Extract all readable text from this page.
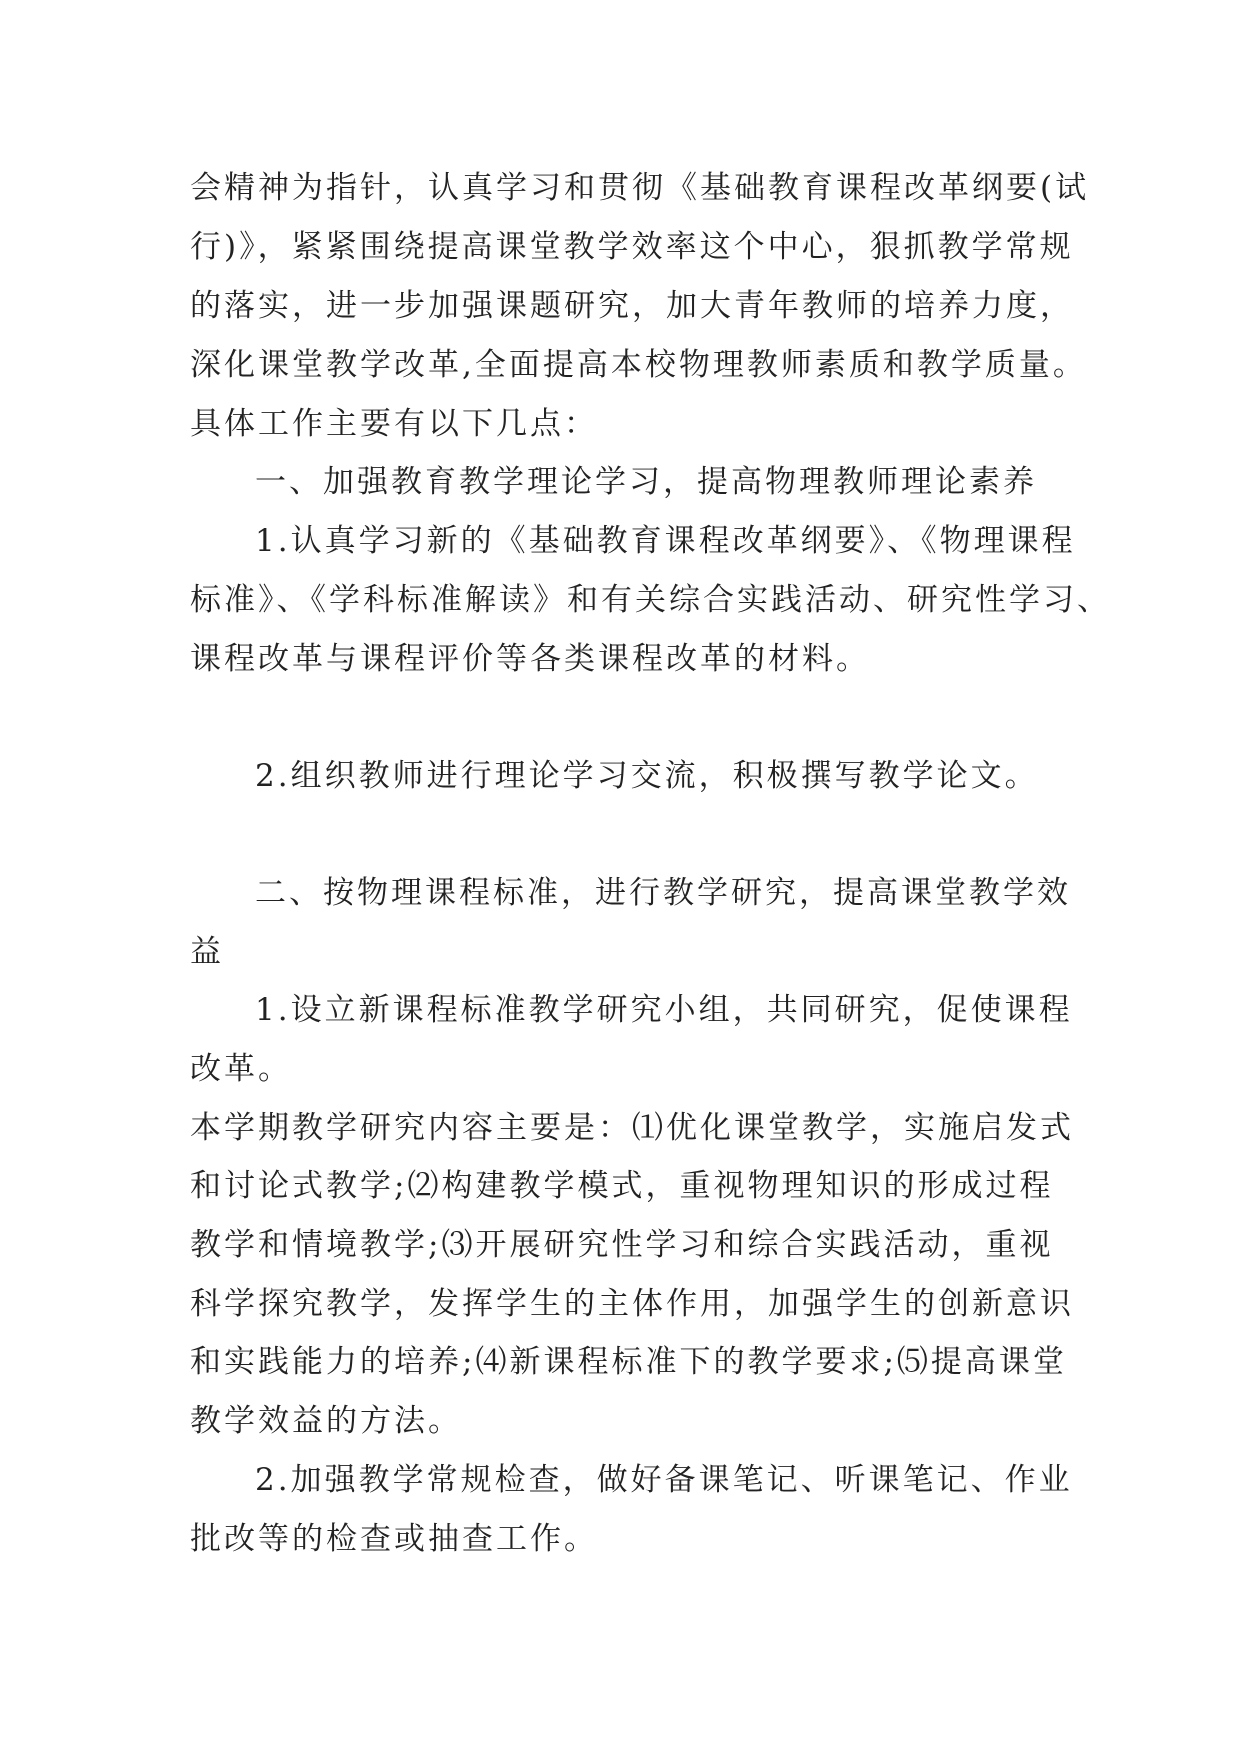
会精神为指针，认真学习和贯彻《基础教育课程改革纲要(试
行)》，紧紧围绕提高课堂教学效率这个中心，狠抓教学常规
的落实，进一步加强课题研究，加大青年教师的培养力度，
深化课堂教学改革,全面提高本校物理教师素质和教学质量。
具体工作主要有以下几点：
一、加强教育教学理论学习，提高物理教师理论素养
1.认真学习新的《基础教育课程改革纲要》、《物理课程
标准》、《学科标准解读》和有关综合实践活动、研究性学习、
课程改革与课程评价等各类课程改革的材料。
2.组织教师进行理论学习交流，积极撰写教学论文。
二、按物理课程标准，进行教学研究，提高课堂教学效
益
1.设立新课程标准教学研究小组，共同研究，促使课程
改革。
本学期教学研究内容主要是：⑴优化课堂教学，实施启发式
和讨论式教学;⑵构建教学模式，重视物理知识的形成过程
教学和情境教学;⑶开展研究性学习和综合实践活动，重视
科学探究教学，发挥学生的主体作用，加强学生的创新意识
和实践能力的培养;⑷新课程标准下的教学要求;⑸提高课堂
教学效益的方法。
2.加强教学常规检查，做好备课笔记、听课笔记、作业
批改等的检查或抽查工作。
